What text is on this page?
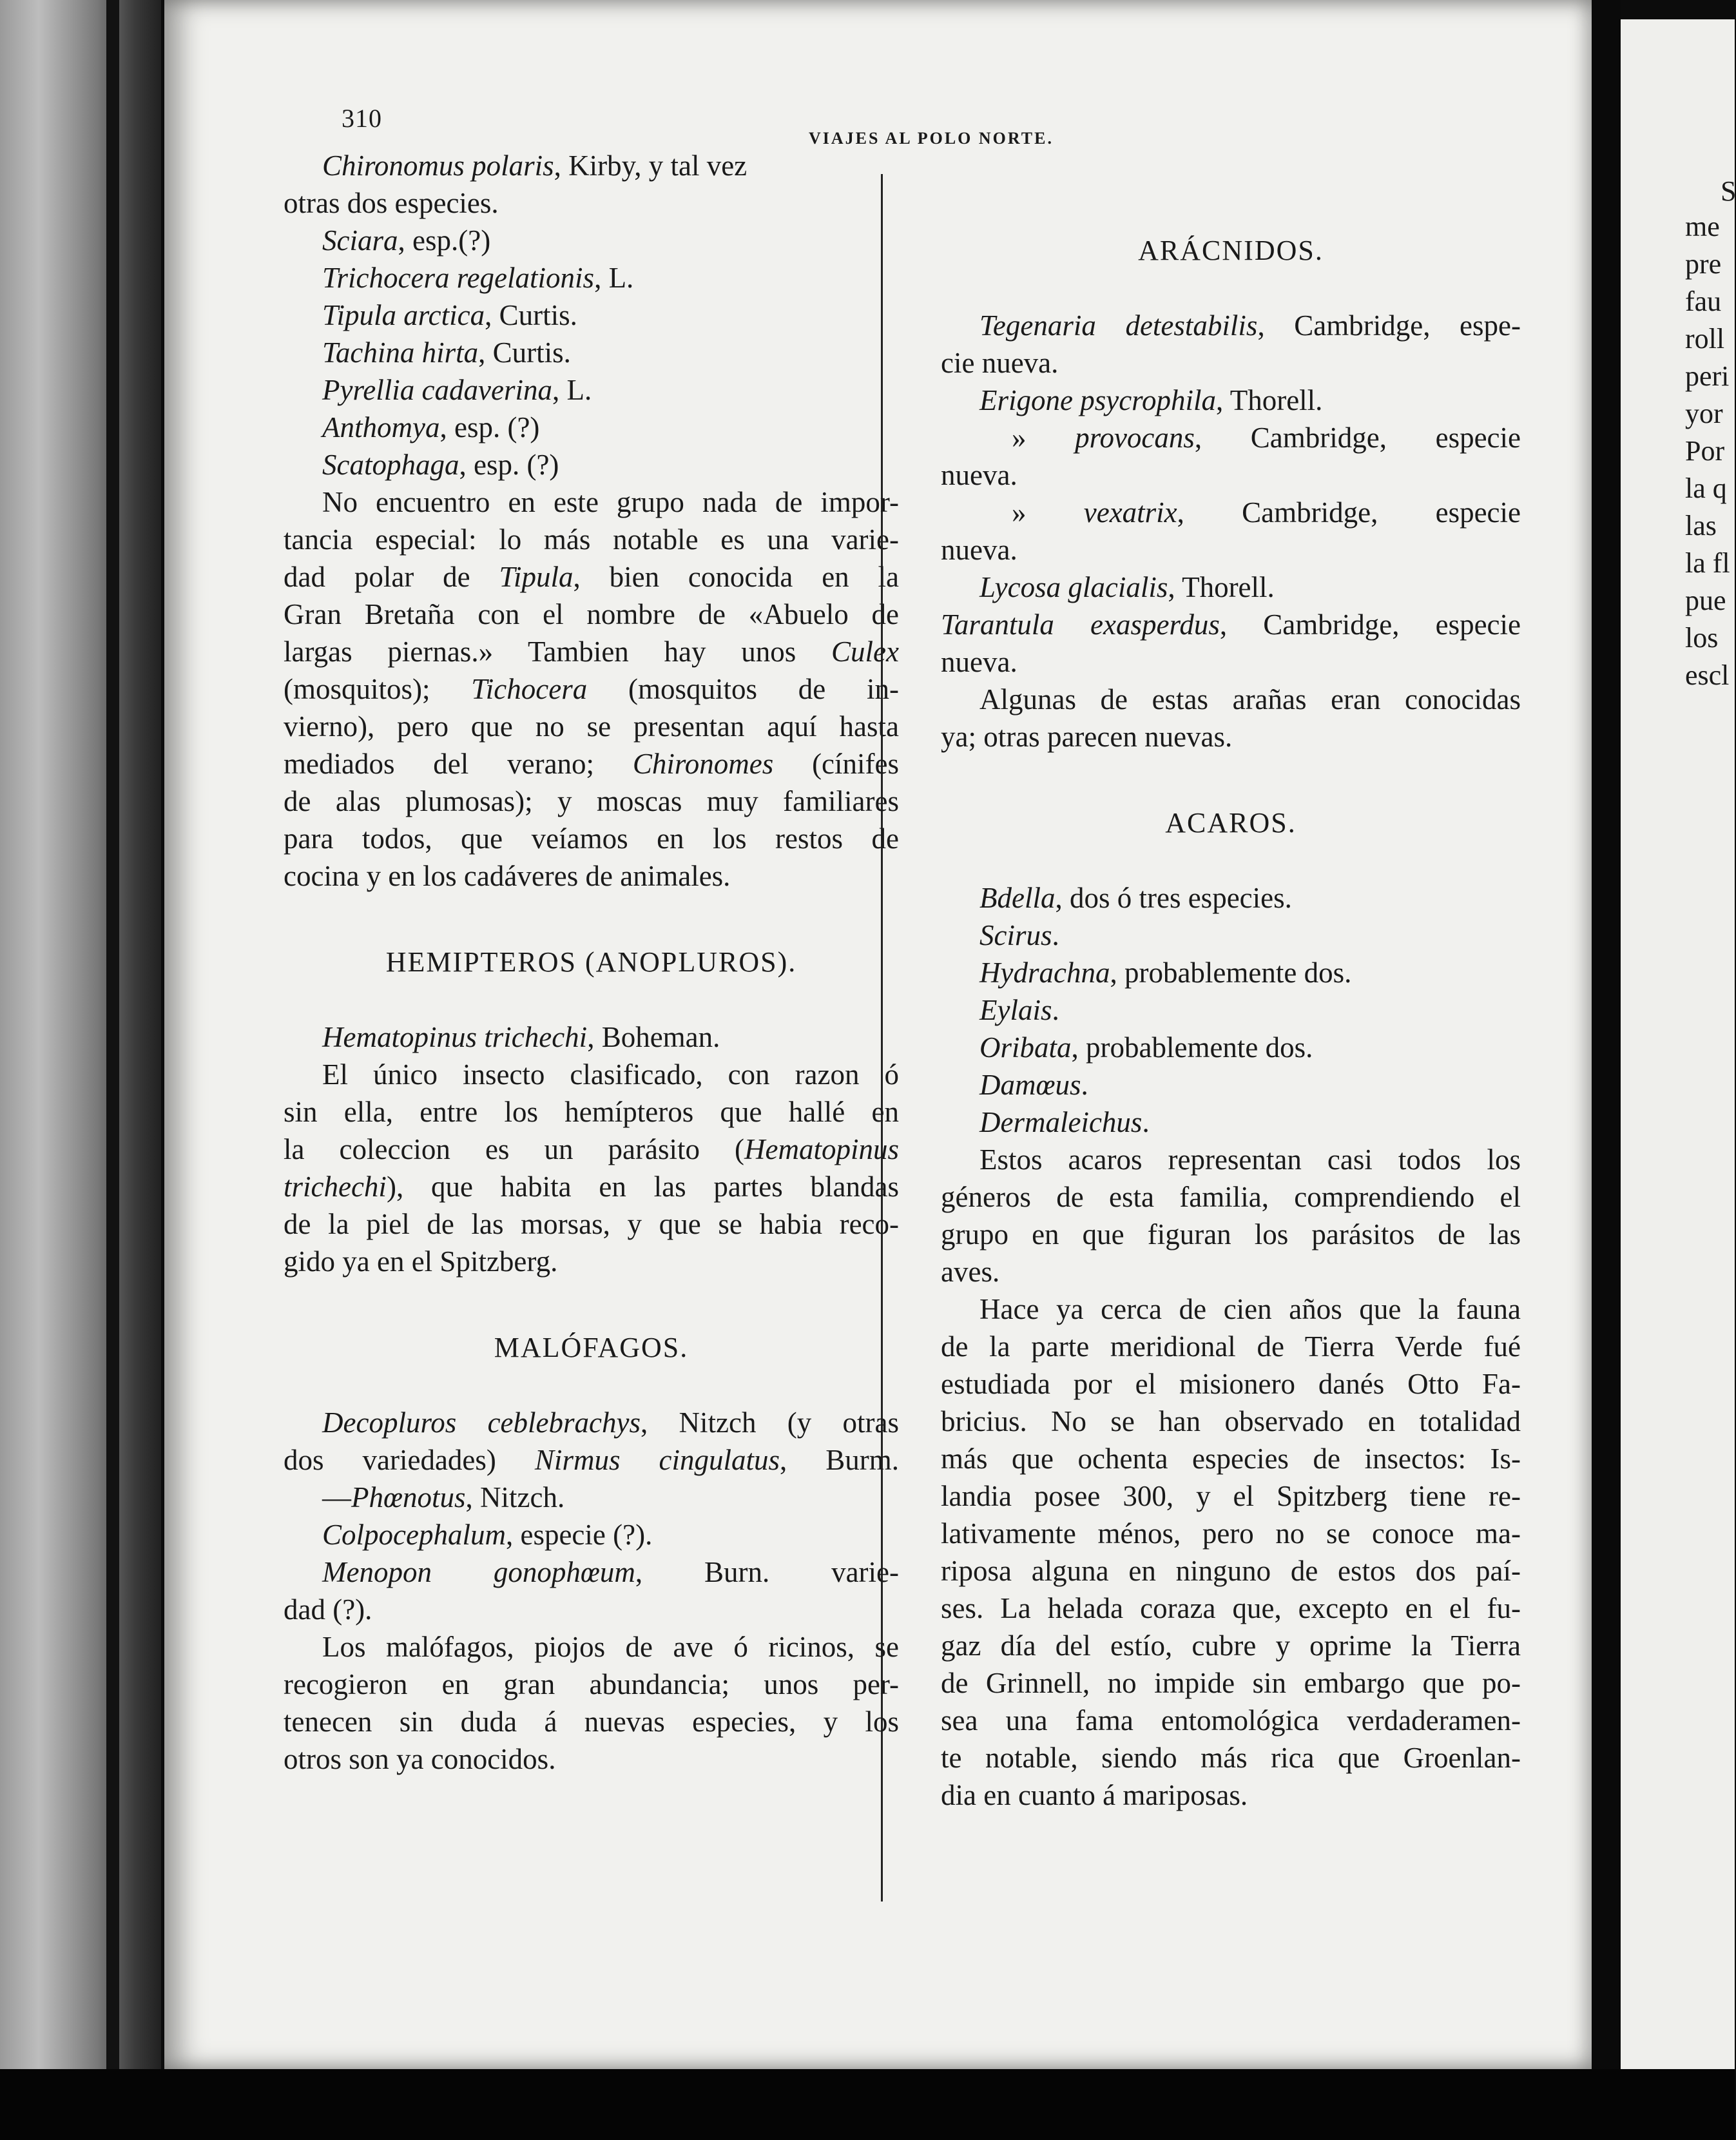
S
me
pre
fau
roll
peri
yor
Por
la q
las
la fl
pue
los
escl
310
VIAJES AL POLO NORTE.
Chironomus polaris, Kirby, y tal vez
otras dos especies.
Sciara, esp.(?)
Trichocera regelationis, L.
Tipula arctica, Curtis.
Tachina hirta, Curtis.
Pyrellia cadaverina, L.
Anthomya, esp. (?)
Scatophaga, esp. (?)
No encuentro en este grupo nada de impor-
tancia especial: lo más notable es una varie-
dad polar de Tipula, bien conocida en la
Gran Bretaña con el nombre de «Abuelo de
largas piernas.» Tambien hay unos Culex
(mosquitos); Tichocera (mosquitos de in-
vierno), pero que no se presentan aquí hasta
mediados del verano; Chironomes (cínifes
de alas plumosas); y moscas muy familiares
para todos, que veíamos en los restos de
cocina y en los cadáveres de animales.
HEMIPTEROS (ANOPLUROS).
Hematopinus trichechi, Boheman.
El único insecto clasificado, con razon ó
sin ella, entre los hemípteros que hallé en
la coleccion es un parásito (Hematopinus
trichechi), que habita en las partes blandas
de la piel de las morsas, y que se habia reco-
gido ya en el Spitzberg.
MALÓFAGOS.
Decopluros ceblebrachys, Nitzch (y otras
dos variedades) Nirmus cingulatus, Burm.
—Phœnotus, Nitzch.
Colpocephalum, especie (?).
Menopon gonophœum, Burn. varie-
dad (?).
Los malófagos, piojos de ave ó ricinos, se
recogieron en gran abundancia; unos per-
tenecen sin duda á nuevas especies, y los
otros son ya conocidos.
ARÁCNIDOS.
Tegenaria detestabilis, Cambridge, espe-
cie nueva.
Erigone psycrophila, Thorell.
» provocans, Cambridge, especie
nueva.
» vexatrix, Cambridge, especie
nueva.
Lycosa glacialis, Thorell.
Tarantula exasperdus, Cambridge, especie
nueva.
Algunas de estas arañas eran conocidas
ya; otras parecen nuevas.
ACAROS.
Bdella, dos ó tres especies.
Scirus.
Hydrachna, probablemente dos.
Eylais.
Oribata, probablemente dos.
Damœus.
Dermaleichus.
Estos acaros representan casi todos los
géneros de esta familia, comprendiendo el
grupo en que figuran los parásitos de las
aves.
Hace ya cerca de cien años que la fauna
de la parte meridional de Tierra Verde fué
estudiada por el misionero danés Otto Fa-
bricius. No se han observado en totalidad
más que ochenta especies de insectos: Is-
landia posee 300, y el Spitzberg tiene re-
lativamente ménos, pero no se conoce ma-
riposa alguna en ninguno de estos dos paí-
ses. La helada coraza que, excepto en el fu-
gaz día del estío, cubre y oprime la Tierra
de Grinnell, no impide sin embargo que po-
sea una fama entomológica verdaderamen-
te notable, siendo más rica que Groenlan-
dia en cuanto á mariposas.
